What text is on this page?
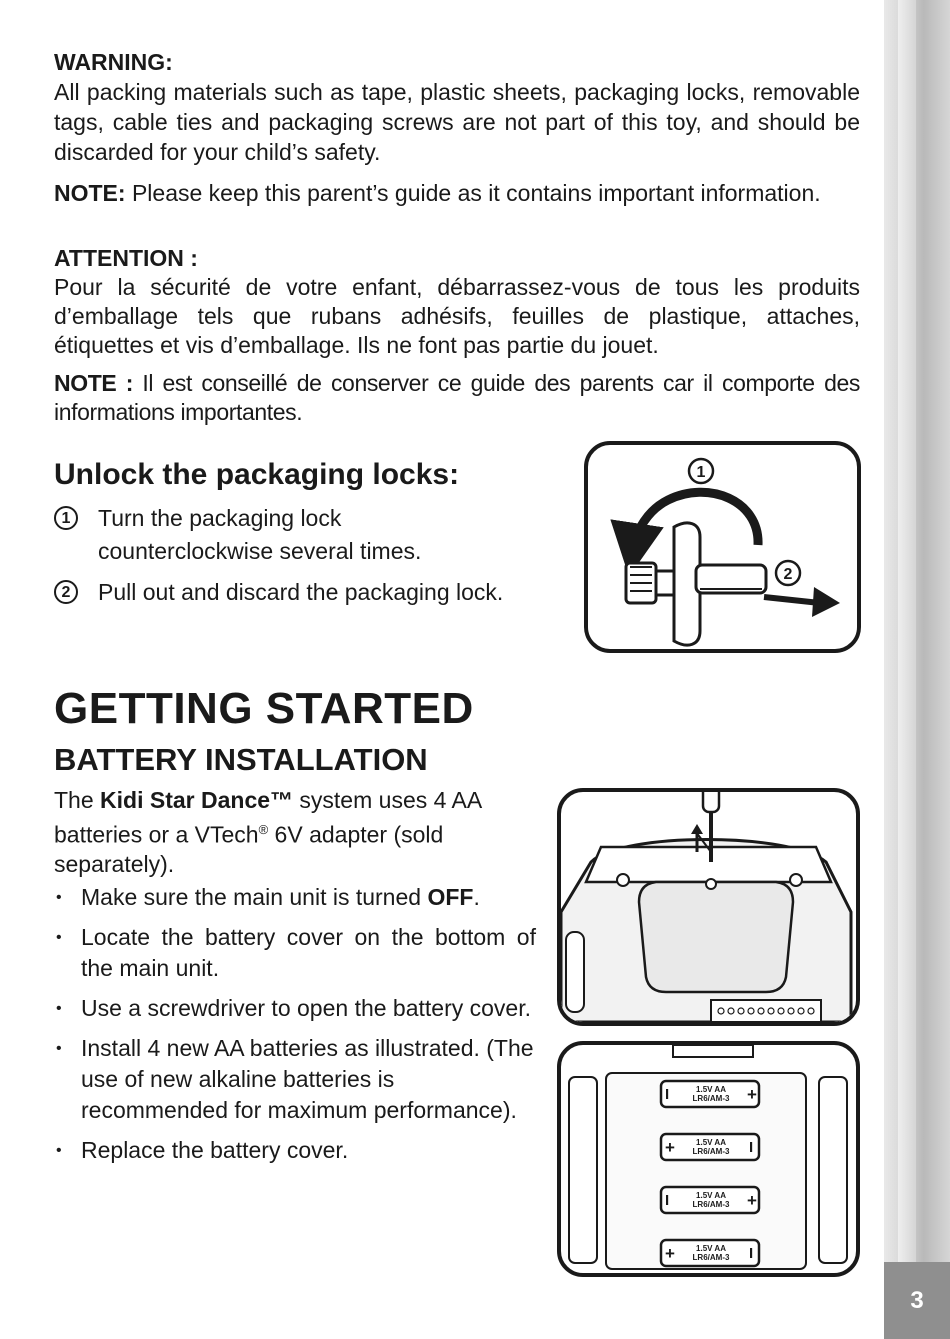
3
WARNING:

All packing materials such as tape, plastic sheets, packaging locks, removable tags, cable ties and packaging screws are not part of this toy, and should be discarded for your child’s safety.

NOTE: Please keep this parent’s guide as it contains important information.

ATTENTION :

Pour la sécurité de votre enfant, débarrassez-vous de tous les produits d’emballage tels que rubans adhésifs, feuilles de plastique, attaches, étiquettes et vis d’emballage. Ils ne font pas partie du jouet.

NOTE : Il est conseillé de conserver ce guide des parents car il comporte des informations importantes.

Unlock the packaging locks:
1	Turn the packaging lock
counterclockwise several times.
2	Pull out and discard the packaging lock.
1
2
GETTING STARTED
BATTERY INSTALLATION

The Kidi Star Dance™ system uses 4 AA batteries or a VTech® 6V adapter (sold separately).

• Make sure the main unit is turned OFF.
• Locate the battery cover on the bottom of the main unit.
• Use a screwdriver to open the battery cover.
• Install 4 new AA batteries as illustrated. (The use of new alkaline batteries is recommended for maximum performance).
• Replace the battery cover.
I	+
1.5V AA
LR6/AM-3
+	I
1.5V AA
LR6/AM-3
I	+
1.5V AA
LR6/AM-3
+	I
1.5V AA
LR6/AM-3
